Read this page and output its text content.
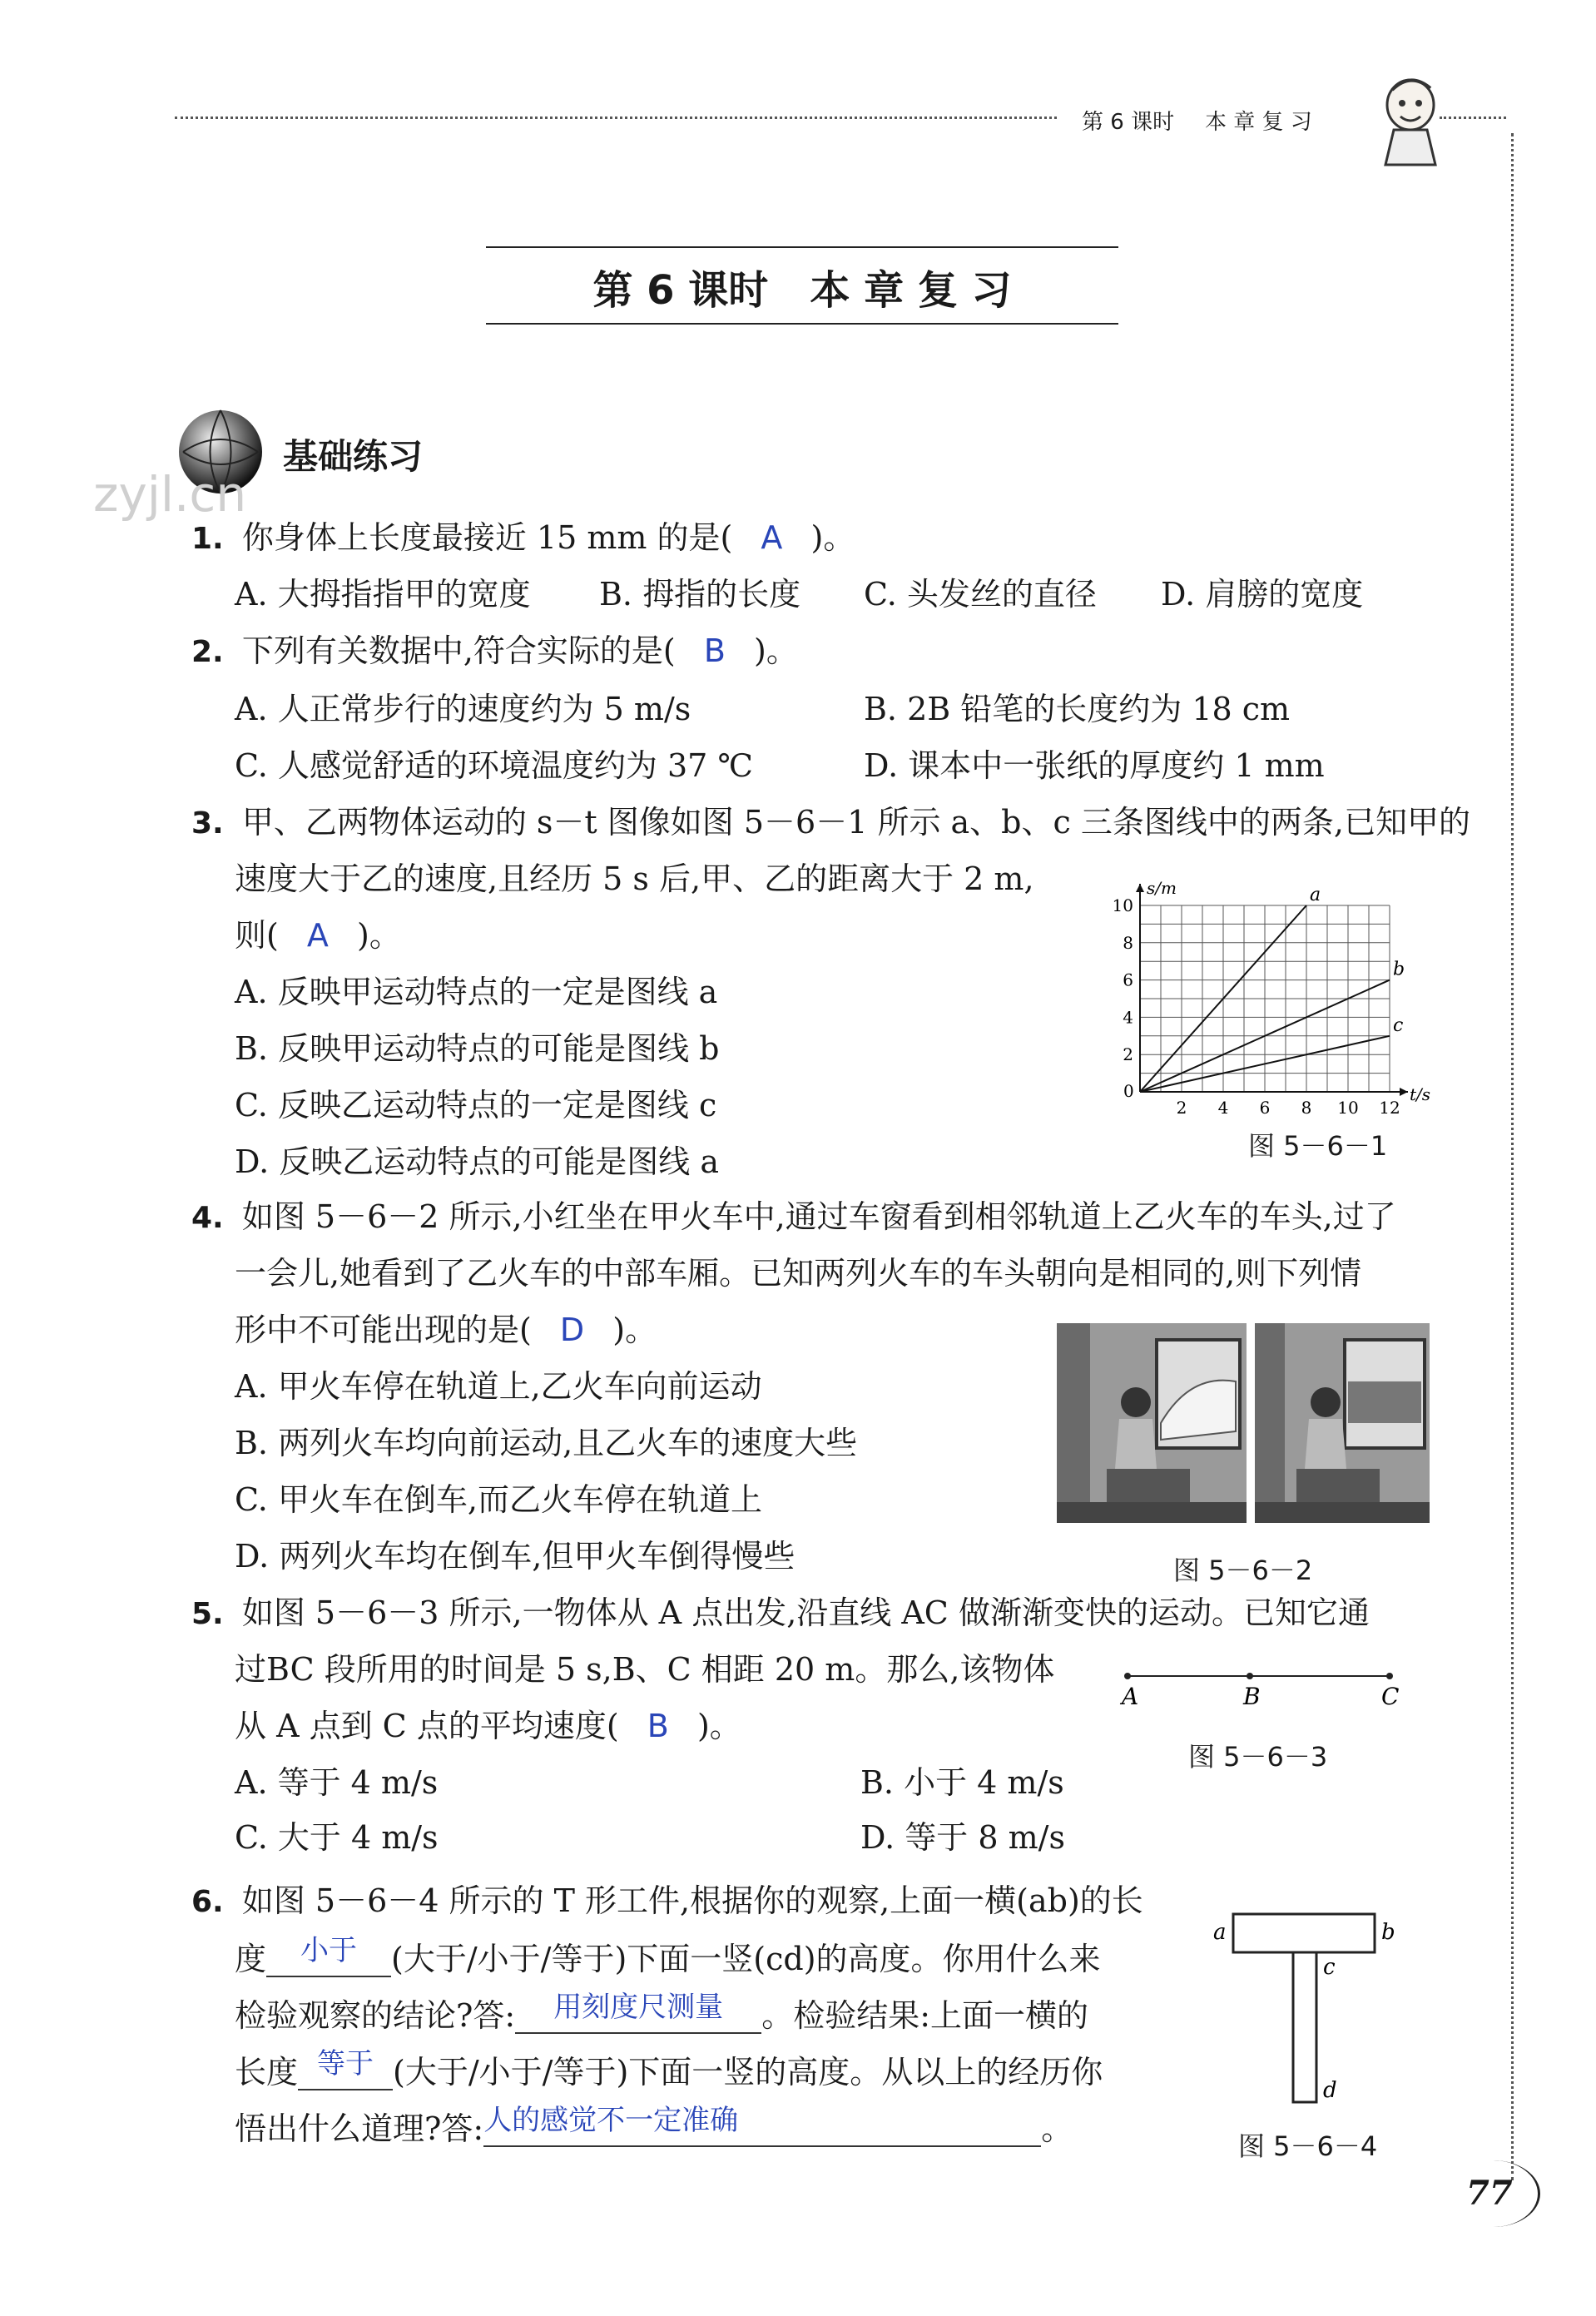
第 6 课时 本 章 复 习
第 6 课时   本 章 复 习
基础练习
zyjl.cn
1. 你身体上长度最接近 15 mm 的是( A )。
A. 大拇指指甲的宽度 B. 拇指的长度 C. 头发丝的直径 D. 肩膀的宽度
2. 下列有关数据中,符合实际的是( B )。
A. 人正常步行的速度约为 5 m/s	B. 2B 铅笔的长度约为 18 cm
C. 人感觉舒适的环境温度约为 37 ℃	D. 课本中一张纸的厚度约 1 mm
3. 甲、乙两物体运动的 s－t 图像如图 5－6－1 所示 a、b、c 三条图线中的两条,已知甲的
速度大于乙的速度,且经历 5 s 后,甲、乙的距离大于 2 m,
则( A )。
A. 反映甲运动特点的一定是图线 a
B. 反映甲运动特点的可能是图线 b
C. 反映乙运动特点的一定是图线 c
D. 反映乙运动特点的可能是图线 a
s/m
t/s
0
2 4 6 8 10 12
2
4
6
8
10	a
b
c
图 5－6－1
4. 如图 5－6－2 所示,小红坐在甲火车中,通过车窗看到相邻轨道上乙火车的车头,过了
一会儿,她看到了乙火车的中部车厢。已知两列火车的车头朝向是相同的,则下列情
形中不可能出现的是( D )。
A. 甲火车停在轨道上,乙火车向前运动
B. 两列火车均向前运动,且乙火车的速度大些
C. 甲火车在倒车,而乙火车停在轨道上
D. 两列火车均在倒车,但甲火车倒得慢些	图 5－6－2
5. 如图 5－6－3 所示,一物体从 A 点出发,沿直线 AC 做渐渐变快的运动。已知它通
过BC 段所用的时间是 5 s,B、C 相距 20 m。那么,该物体
从 A 点到 C 点的平均速度( B )。
A. 等于 4 m/s	B. 小于 4 m/s
C. 大于 4 m/s	D. 等于 8 m/s
A	B	C
图 5－6－3
6. 如图 5－6－4 所示的 T 形工件,根据你的观察,上面一横(ab)的长
度 小于 (大于/小于/等于)下面一竖(cd)的高度。你用什么来
检验观察的结论?答: 用刻度尺测量 。检验结果:上面一横的
长度 等于 (大于/小于/等于)下面一竖的高度。从以上的经历你
悟出什么道理?答:人的感觉不一定准确	。
a	b
c
d
图 5－6－4
77
